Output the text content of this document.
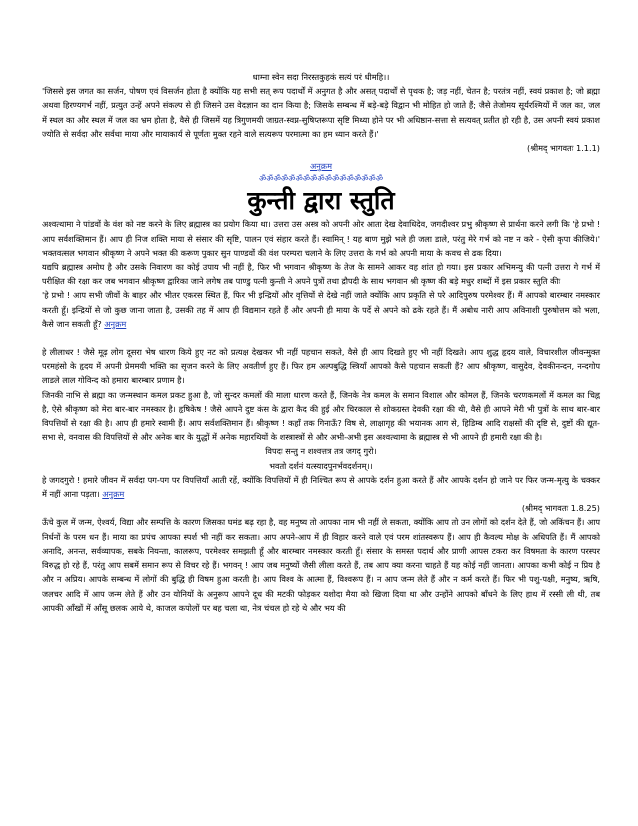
धाम्ना स्वेन सदा निरस्तकुहकं सत्यं परं धीमहि।।

'जिससे इस जगत का सर्जन, पोषण एवं विसर्जन होता है क्योंकि यह सभी सत् रूप पदार्थों में अनुगत है और असत् पदार्थों से पृथक है; जड़ नहीं, चेतन है; परतंत्र नहीं, स्वयं प्रकाश है; जो ब्रह्मा अथवा हिरण्यगर्भ नहीं, प्रत्युत उन्हें अपने संकल्प से ही जिसने उस वेदज्ञान का दान किया है; जिसके सम्बन्ध में बड़े-बड़े विद्वान भी मोहित हो जाते हैं; जैसे तेजोमय सूर्यरश्मियों में जल का, जल में स्थल का और स्थल में जल का भ्रम होता है, वैसे ही जिसमें यह त्रिगुणमयी जाग्रत-स्वप्न-सुषिप्तरूपा सृष्टि मिथ्या होने पर भी अधिष्ठान-सत्ता से सत्यवत् प्रतीत हो रही है, उस अपनी स्वयं प्रकाश ज्योति से सर्वदा और सर्वथा माया और मायाकार्य से पूर्णतः मुक्त रहने वाले सत्यरूप परमात्मा का हम ध्यान करते हैं।'

(श्रीमद् भागवतः 1.1.1)

अनुक्रम

ॐॐॐॐॐॐॐॐॐॐॐॐॐॐॐॐॐ
कुन्ती द्वारा स्तुति

अश्वत्थामा ने पांडवों के वंश को नष्ट करने के लिए ब्रह्मास्त्र का प्रयोग किया था। उत्तरा उस अस्त्र को अपनी ओर आता देख देवाधिदेव, जगदीश्वर प्रभु श्रीकृष्ण से प्रार्थना करने लगी कि 'हे प्रभो ! आप सर्वशक्तिमान हैं। आप ही निज शक्ति माया से संसार की सृष्टि, पालन एवं संहार करते हैं। स्वामिन् ! यह बाण मुझे भले ही जला डाले, परंतु मेरे गर्भ को नष्ट न करे - ऐसी कृपा कीजिये।' भक्तवत्सल भगवान श्रीकृष्ण ने अपने भक्त की करूण पुकार सुन पाण्डवों की वंश परम्परा चलाने के लिए उत्तरा के गर्भ को अपनी माया के कवच से ढक दिया।

यद्यपि ब्रह्मास्त्र अमोघ है और उसके निवारण का कोई उपाय भी नहीं है, फिर भी भगवान श्रीकृष्ण के तेज के सामने आकर वह शांत हो गया। इस प्रकार अभिमन्यु की पत्नी उत्तरा गे गर्भ में परीक्षित की रक्षा कर जब भगवान श्रीकृष्ण द्वारिका जाने लगेष तब पाण्डु पत्नी कुन्ती ने अपने पुत्रों तथा द्रौपदी के साथ भगवान श्री कृष्ण की बड़े मधुर शब्दों में इस प्रकार स्तुति कीः

'हे प्रभो ! आप सभी जीवों के बाहर और भीतर एकरस स्थित हैं, फिर भी इन्द्रियों और वृत्तियों से देखे नहीं जाते क्योंकि आप प्रकृति से परे आदिपुरुष परमेश्वर हैं। मैं आपको बारम्बार नमस्कार करती हूँ। इन्द्रियों से जो कुछ जाना जाता है, उसकी तह में आप ही विद्यमान रहते हैं और अपनी ही माया के पर्दे से अपने को ढके रहते हैं। मैं अबोध नारी आप अविनाशी पुरुषोत्तम को भला, कैसे जान सकती हूँ? अनुक्रम

हे लीलाधर ! जैसे मूढ़ लोग दूसरा भेष धारण किये हुए नट को प्रत्यक्ष देखकर भी नहीं पहचान सकते, वैसे ही आप दिखते हुए भी नहीं दिखते। आप शुद्ध हृदय वाले, विचारशील जीवन्मुक्त परमहंसो के हृदय में अपनी प्रेममयी भक्ति का सृजन करने के लिए अवतीर्ण हुए हैं। फिर हम अल्पबुद्धि स्त्रियाँ आपको कैसे पहचान सकती हैं? आप श्रीकृष्ण, वासुदेव, देवकीनन्दन, नन्दगोप लाडले लाल गोविन्द को हमारा बारम्बार प्रणाम है।

जिनकी नाभि से ब्रह्मा का जन्मस्थान कमल प्रकट हुआ है, जो सुन्दर कमलों की माला धारण करते हैं, जिनके नेत्र कमल के समान विशाल और कोमल हैं, जिनके चरणकमलों में कमल का चिह्न है, ऐसे श्रीकृष्ण को मेरा बार-बार नमस्कार है। हृषिकेष ! जैसे आपने दुष्ट कंस के द्वारा कैद की हुई और चिरकाल से शोकग्रस्त देवकी रक्षा की थी, वैसे ही आपने मेरी भी पुत्रों के साथ बार-बार विपत्तियों से रक्षा की है। आप ही हमारे स्वामी हैं। आप सर्वशक्तिमान हैं। श्रीकृष्ण ! कहाँ तक गिनाऊँ? विष से, लाक्षागृह की भयानक आग से, हिडिम्ब आदि राक्षसों की दृष्टि से, दुष्टों की द्यूत-सभा से, वनवास की विपत्तियों से और अनेक बार के युद्धों में अनेक महारथियों के शस्त्रास्त्रों से और अभी-अभी इस अश्वत्थामा के ब्रह्मास्त्र से भी आपने ही हमारी रक्षा की है।

विपदः सन्तु न शश्वत्तत्र तत्र जगद् गुरो।

भवतो दर्शनं यत्स्यादपुनर्भवदर्शनम्।।

हे जगदगुरो ! हमारे जीवन में सर्वदा पग-पग पर विपत्तियाँ आती रहें, क्योंकि विपत्तियों में ही निश्चित रूप से आपके दर्शन हुआ करते हैं और आपके दर्शन हो जाने पर फिर जन्म-मृत्यु के चक्कर में नहीं आना पड़ता। अनुक्रम

(श्रीमद् भागवतः 1.8.25)

ऊँचे कुल में जन्म, ऐश्वर्य, विद्या और सम्पत्ति के कारण जिसका घमंड बढ़ रहा है, वह मनुष्य तो आपका नाम भी नहीं ले सकता, क्योंकि आप तो उन लोगों को दर्शन देते हैं, जो अकिंचन हैं। आप निर्धनों के परम धन हैं। माया का प्रपंच आपका स्पर्श भी नहीं कर सकता। आप अपने-आप में ही विहार करने वाले एवं परम शांतस्वरूप हैं। आप ही कैवल्य मोक्ष के अधिपति हैं। मैं आपको अनादि, अनन्त, सर्वव्यापक, सबके नियन्ता, कालरूप, परमेश्वर समझती हूँ और बारम्बार नमस्कार करती हूँ। संसार के समस्त पदार्थ और प्राणी आपस टकरा कर विषमता के कारण परस्पर विरुद्ध हो रहे हैं, परंतु आप सबमें समान रूप से विचर रहे हैं। भगवन् ! आप जब मनुष्यों जैसी लीला करते हैं, तब आप क्या करना चाहते हैं यह कोई नहीं जानता। आपका कभी कोई न प्रिय है और न अप्रिय। आपके सम्बन्ध में लोगों की बुद्धि ही विषम हुआ करती है। आप विश्व के आत्मा हैं, विश्वरूप हैं। न आप जन्म लेते हैं और न कर्म करते हैं। फिर भी पशु-पक्षी, मनुष्य, ऋषि, जलचर आदि में आप जन्म लेते हैं और उन योनियों के अनुरूप आपने दूध की मटकी फोड़कर यशोदा मैया को खिजा दिया था और उन्होंने आपको बाँधने के लिए हाथ में रस्सी ली थी, तब आपकी आँखों में आँसू छलक आये थे, काजल कपोलों पर बह चला था, नेत्र चंचल हो रहे थे और भय की
